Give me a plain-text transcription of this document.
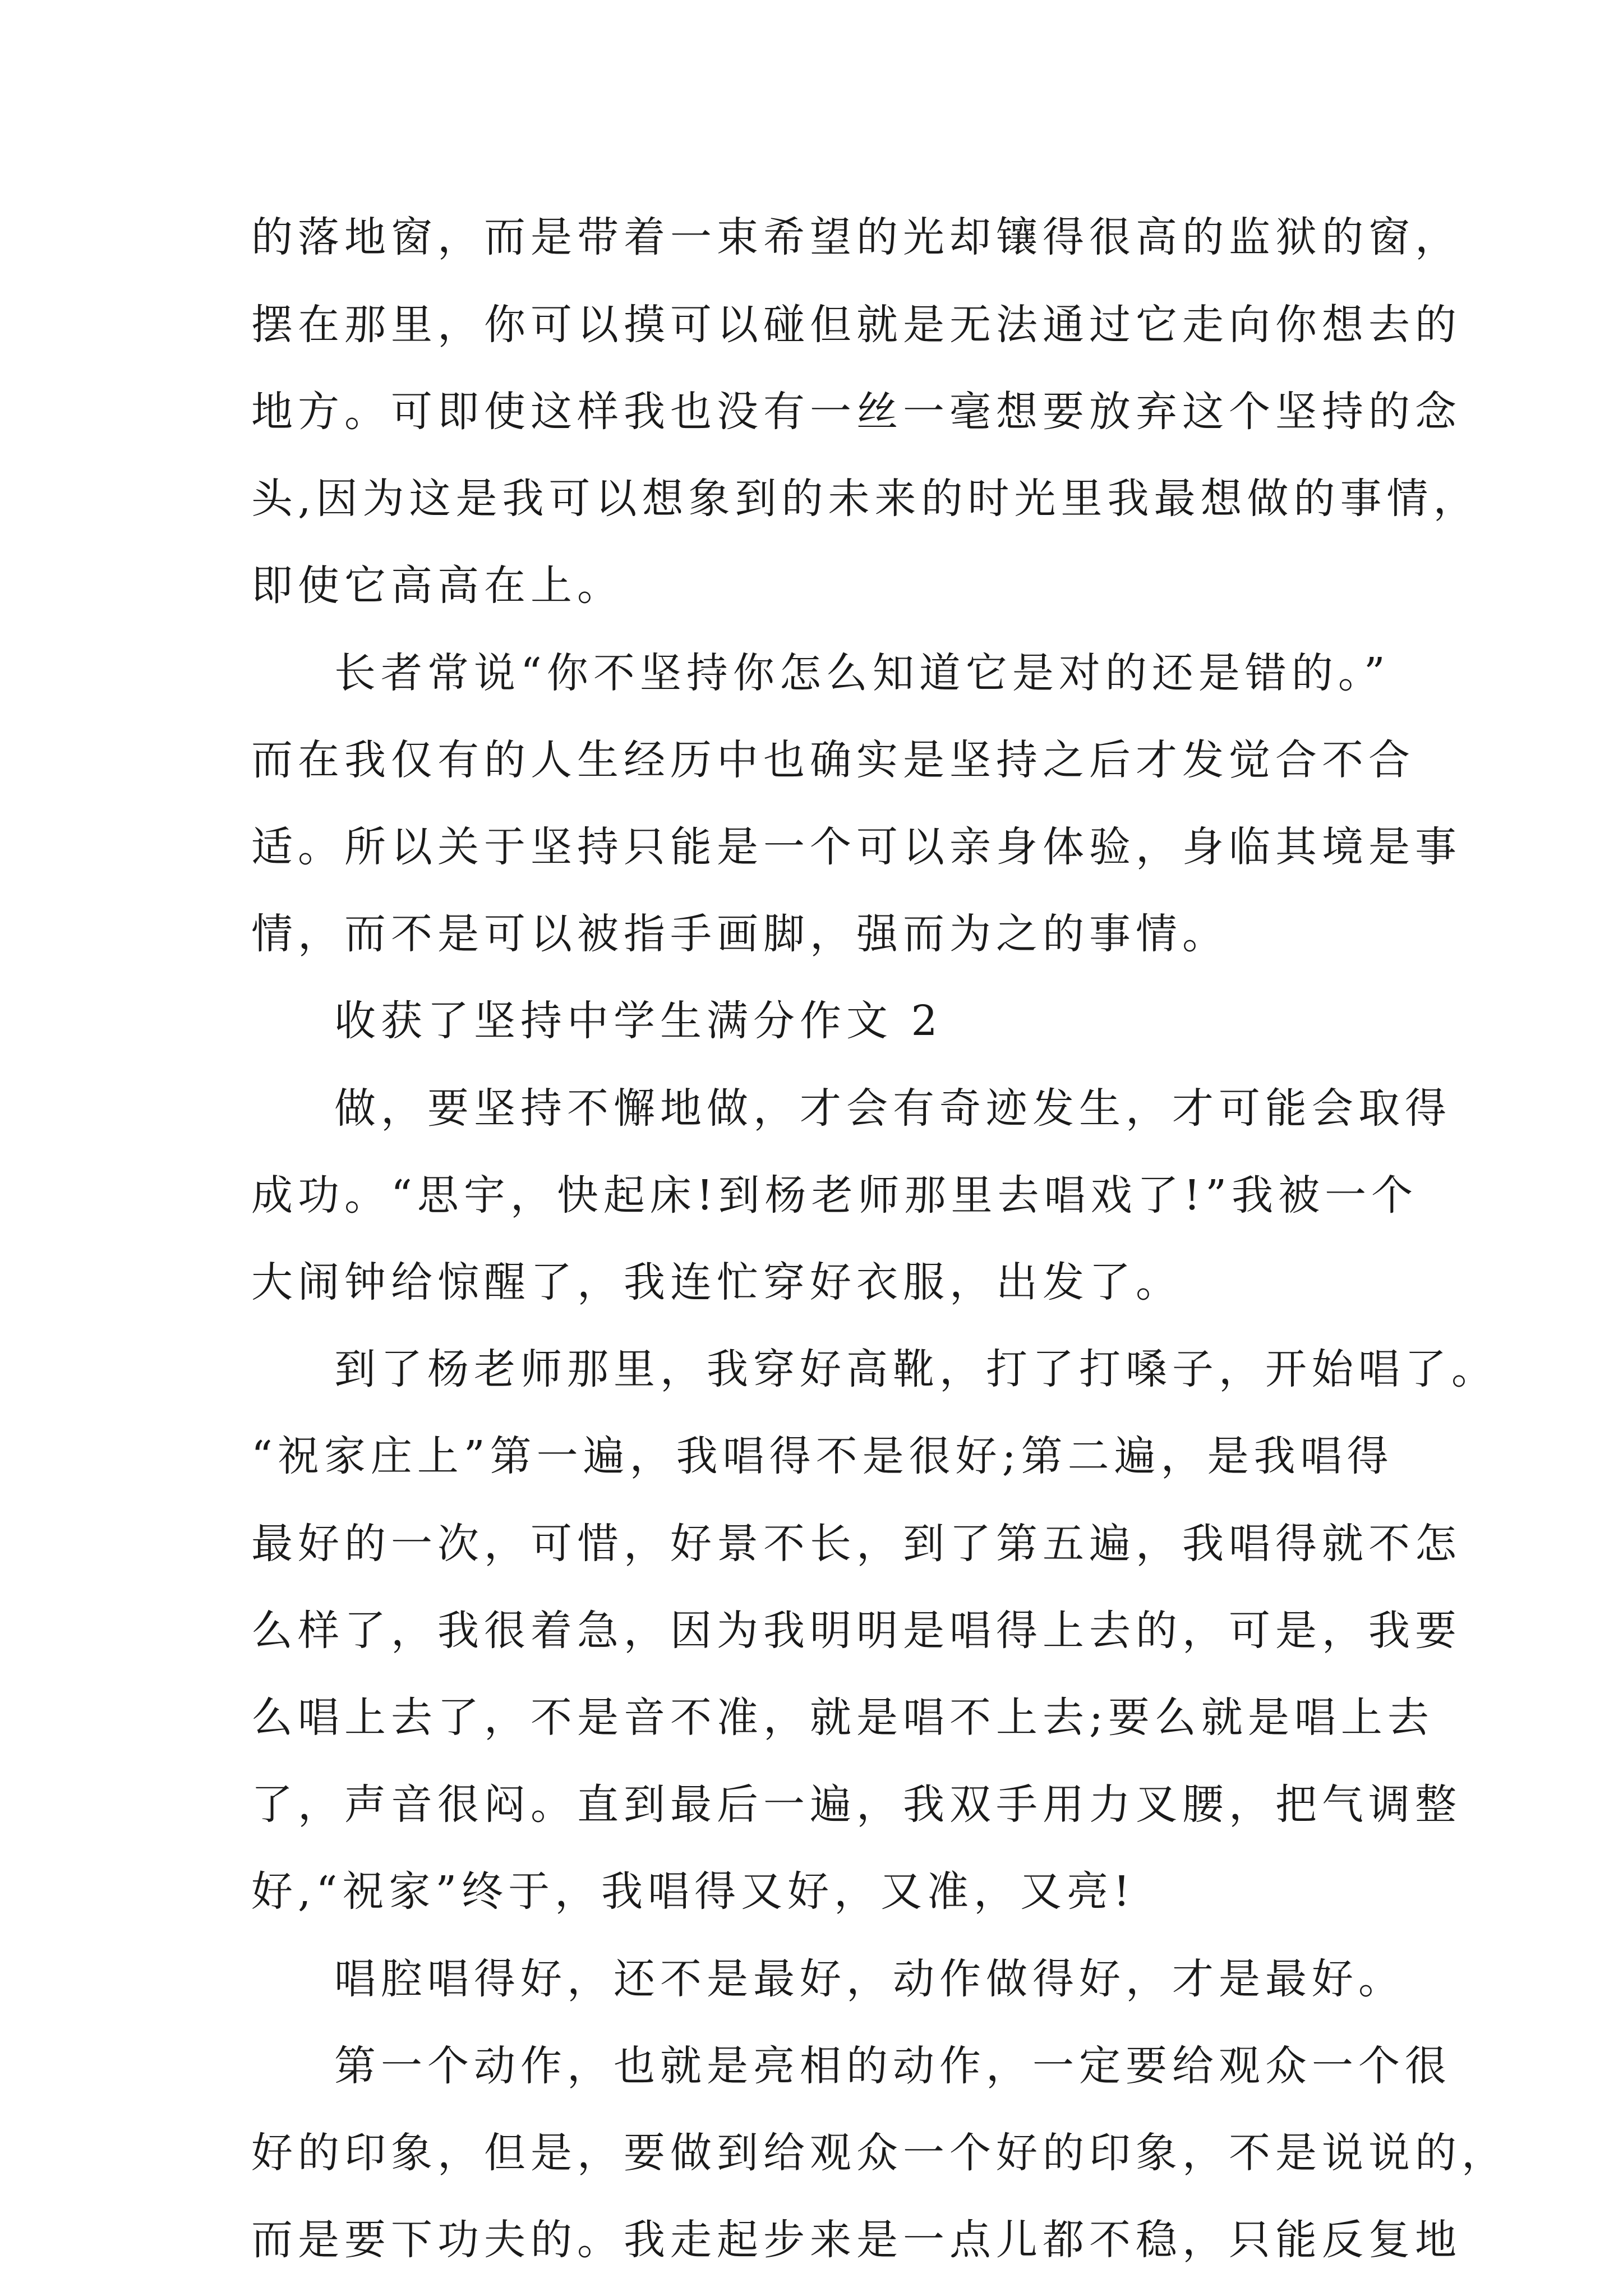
的落地窗，而是带着一束希望的光却镶得很高的监狱的窗，
摆在那里，你可以摸可以碰但就是无法通过它走向你想去的
地方。可即使这样我也没有一丝一毫想要放弃这个坚持的念
头,因为这是我可以想象到的未来的时光里我最想做的事情，
即使它高高在上。
长者常说“你不坚持你怎么知道它是对的还是错的。”
而在我仅有的人生经历中也确实是坚持之后才发觉合不合
适。所以关于坚持只能是一个可以亲身体验，身临其境是事
情，而不是可以被指手画脚，强而为之的事情。
收获了坚持中学生满分作文 2
做，要坚持不懈地做，才会有奇迹发生，才可能会取得
成功。“思宇，快起床!到杨老师那里去唱戏了!”我被一个
大闹钟给惊醒了，我连忙穿好衣服，出发了。
到了杨老师那里，我穿好高靴，打了打嗓子，开始唱了。
“祝家庄上”第一遍，我唱得不是很好;第二遍，是我唱得
最好的一次，可惜，好景不长，到了第五遍，我唱得就不怎
么样了，我很着急，因为我明明是唱得上去的，可是，我要
么唱上去了，不是音不准，就是唱不上去;要么就是唱上去
了，声音很闷。直到最后一遍，我双手用力叉腰，把气调整
好,“祝家”终于，我唱得又好，又准，又亮!
唱腔唱得好，还不是最好，动作做得好，才是最好。
第一个动作，也就是亮相的动作，一定要给观众一个很
好的印象，但是，要做到给观众一个好的印象，不是说说的，
而是要下功夫的。我走起步来是一点儿都不稳，只能反复地
